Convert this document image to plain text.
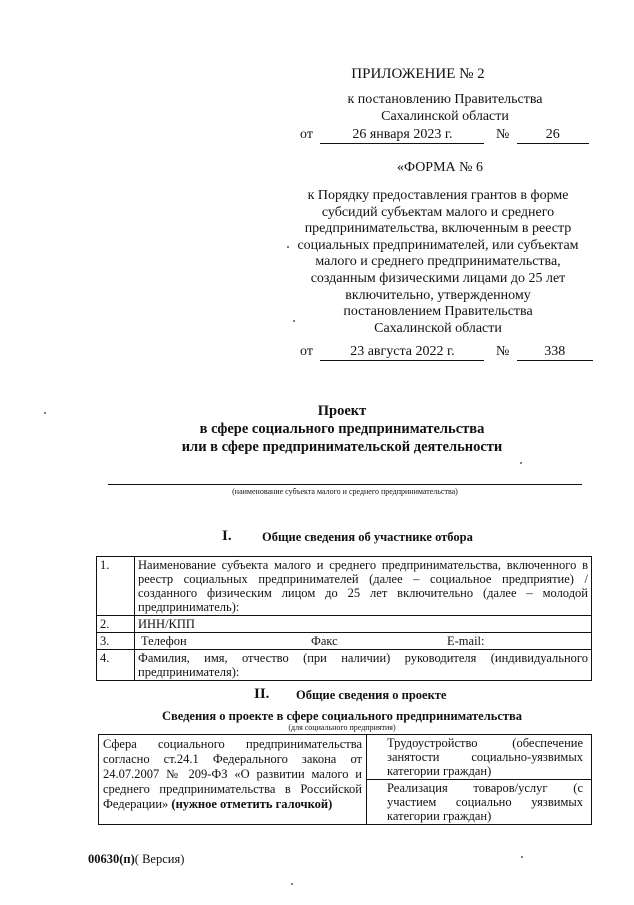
ПРИЛОЖЕНИЕ № 2
к постановлению Правительства
Сахалинской области
от	26 января 2023 г.	№	26
«ФОРМА № 6
к Порядку предоставления грантов в форме
субсидий субъектам малого и среднего
предпринимательства, включенным в реестр
социальных предпринимателей, или субъектам
малого и среднего предпринимательства,
созданным физическими лицами до 25 лет
включительно, утвержденному
постановлением Правительства
Сахалинской области
от	23 августа 2022 г.	№	338
Проект
в сфере социального предпринимательства
или в сфере предпринимательской деятельности
(наименование субъекта малого и среднего предпринимательства)
I. Общие сведения об участнике отбора
1.	Наименование субъекта малого и среднего предпринимательства, включенного в реестр социальных предпринимателей (далее – социальное предприятие) /созданного физическим лицом до 25 лет включительно (далее – молодой предприниматель):
2.	ИНН/КПП
3.	Телефон Факс E-mail:

4.	Фамилия, имя, отчество (при наличии) руководителя (индивидуального предпринимателя):
II. Общие сведения о проекте
Сведения о проекте в сфере социального предпринимательства
(для социального предприятия)
Сфера социального предпринимательства согласно ст.24.1 Федерального закона от 24.07.2007 № 209-ФЗ «О развитии малого и среднего предпринимательства в Российской Федерации» (нужное отметить галочкой)	Трудоустройство (обеспечение занятости социально-уязвимых категории граждан)
Реализация товаров/услуг (с участием социально уязвимых категории граждан)
00630(п)( Версия)
